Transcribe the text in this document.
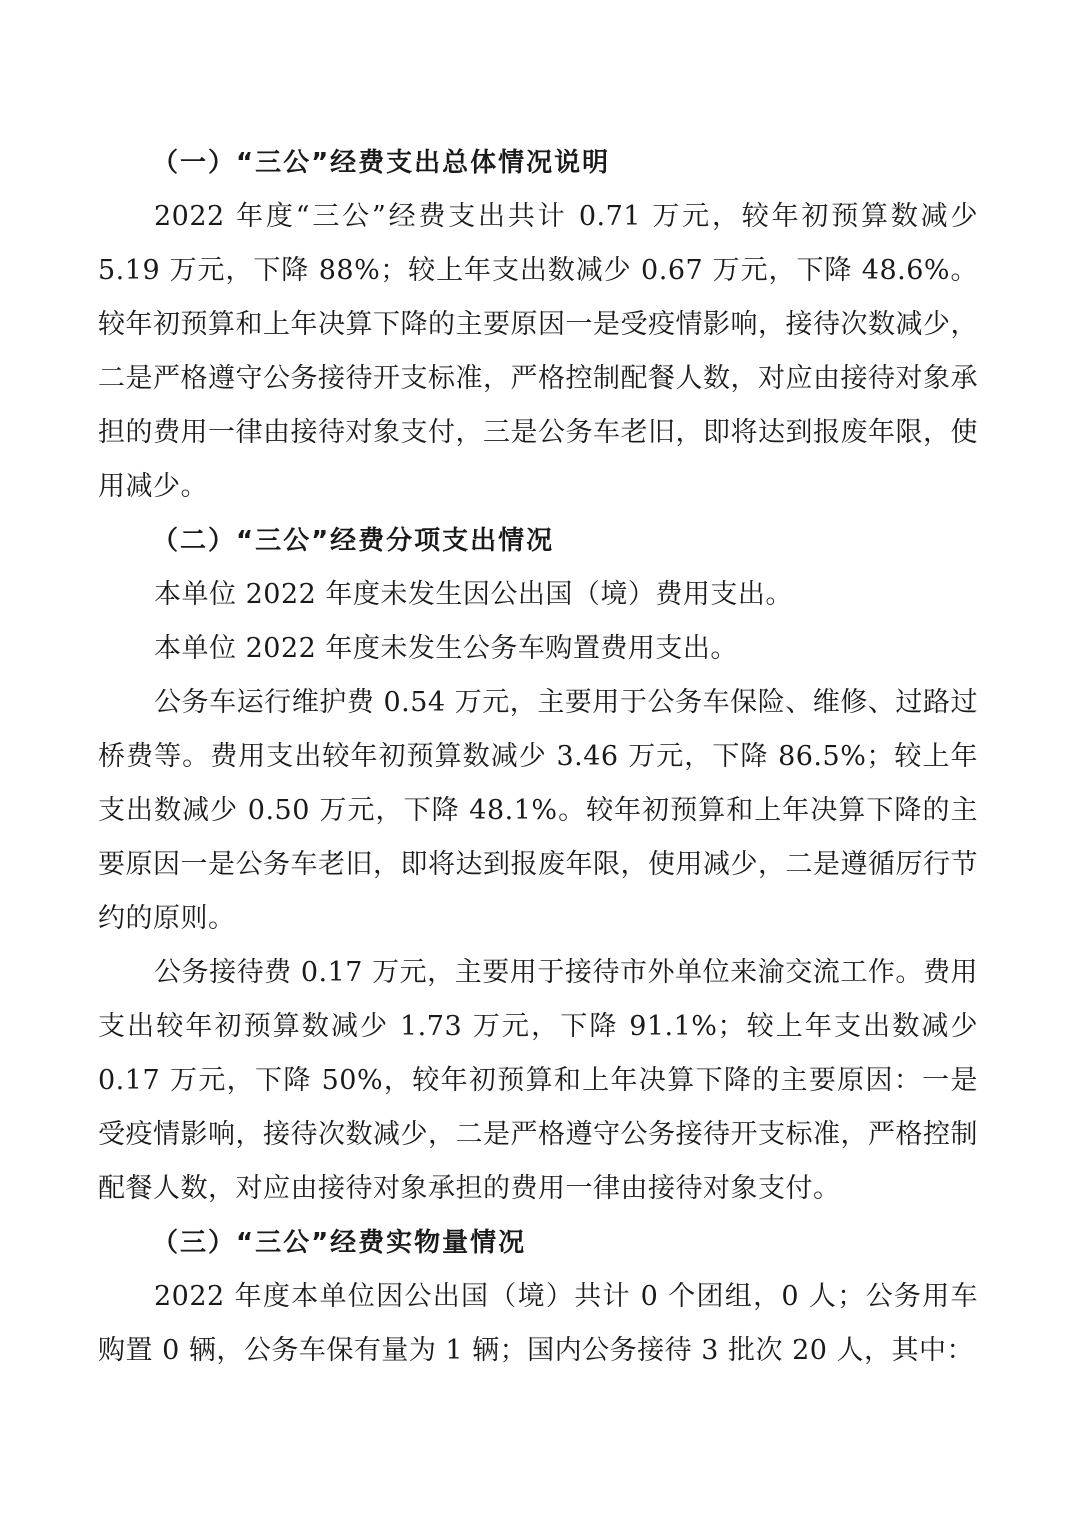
（一）“三公”经费支出总体情况说明

2022 年度“三公”经费支出共计 0.71 万元，较年初预算数减少 5.19 万元，下降 88%；较上年支出数减少 0.67 万元，下降 48.6%。较年初预算和上年决算下降的主要原因一是受疫情影响，接待次数减少，二是严格遵守公务接待开支标准，严格控制配餐人数，对应由接待对象承担的费用一律由接待对象支付，三是公务车老旧，即将达到报废年限，使用减少。

（二）“三公”经费分项支出情况

本单位 2022 年度未发生因公出国（境）费用支出。

本单位 2022 年度未发生公务车购置费用支出。

公务车运行维护费 0.54 万元，主要用于公务车保险、维修、过路过桥费等。费用支出较年初预算数减少 3.46 万元，下降 86.5%；较上年支出数减少 0.50 万元，下降 48.1%。较年初预算和上年决算下降的主要原因一是公务车老旧，即将达到报废年限，使用减少，二是遵循厉行节约的原则。

公务接待费 0.17 万元，主要用于接待市外单位来渝交流工作。费用支出较年初预算数减少 1.73 万元，下降 91.1%；较上年支出数减少 0.17 万元，下降 50%，较年初预算和上年决算下降的主要原因：一是受疫情影响，接待次数减少，二是严格遵守公务接待开支标准，严格控制配餐人数，对应由接待对象承担的费用一律由接待对象支付。

（三）“三公”经费实物量情况

2022 年度本单位因公出国（境）共计 0 个团组，0 人；公务用车购置 0 辆，公务车保有量为 1 辆；国内公务接待 3 批次 20 人，其中：
